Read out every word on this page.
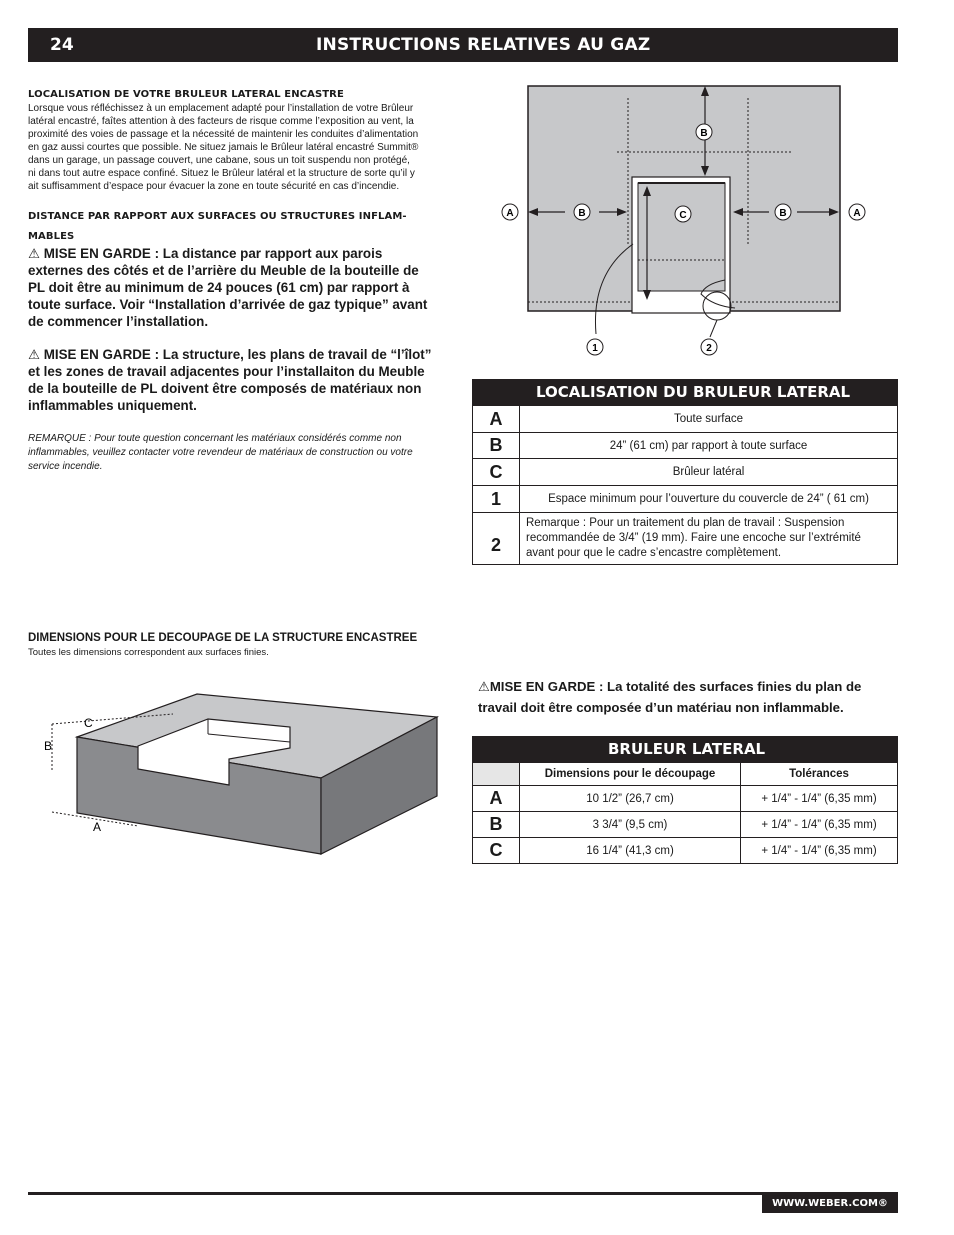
24	INSTRUCTIONS RELATIVES AU GAZ
LOCALISATION DE VOTRE BRULEUR LATERAL ENCASTRE
Lorsque vous réfléchissez à un emplacement adapté pour l’installation de votre Brûleur
latéral encastré, faîtes attention à des facteurs de risque comme l’exposition au vent, la
proximité des voies de passage et la nécessité de maintenir les conduites d’alimentation
en gaz aussi courtes que possible. Ne situez jamais le Brûleur latéral encastré Summit®
dans un garage, un passage couvert, une cabane, sous un toit suspendu non protégé,
ni dans tout autre espace confiné. Situez le Brûleur latéral et la structure de sorte qu’il y
ait suffisamment d’espace pour évacuer la zone en toute sécurité en cas d’incendie.
DISTANCE PAR RAPPORT AUX SURFACES OU STRUCTURES INFLAM-
MABLES
⚠ MISE EN GARDE : La distance par rapport aux parois
externes des côtés et de l’arrière du Meuble de la bouteille de
PL doit être au minimum de 24 pouces (61 cm) par rapport à
toute surface. Voir “Installation d’arrivée de gaz typique” avant
de commencer l’installation.
⚠ MISE EN GARDE : La structure, les plans de travail de “l’îlot”
et les zones de travail adjacentes pour l’installaiton du Meuble
de la bouteille de PL doivent être composés de matériaux non
inflammables uniquement.
REMARQUE : Pour toute question concernant les matériaux considérés comme non
inflammables, veuillez contacter votre revendeur de matériaux de construction ou votre
service incendie.
A	B
B
C	B	A
1	2
LOCALISATION DU BRULEUR LATERAL
A	Toute surface
B	24” (61 cm) par rapport à toute surface
C	Brûleur latéral
1	Espace minimum pour l’ouverture du couvercle de 24” ( 61 cm)
2	Remarque : Pour un traitement du plan de travail : Suspension
recommandée de 3/4” (19 mm). Faire une encoche sur l’extrémité
avant pour que le cadre s’encastre complètement.
DIMENSIONS POUR LE DECOUPAGE DE LA STRUCTURE ENCASTREE
Toutes les dimensions correspondent aux surfaces finies.
C
B
A
⚠MISE EN GARDE : La totalité des surfaces finies du plan de
travail doit être composée d’un matériau non inflammable.
BRULEUR LATERAL
	Dimensions pour le découpage	Tolérances
A	10 1/2” (26,7 cm)	+ 1/4” - 1/4” (6,35 mm)
B	3 3/4” (9,5 cm)	+ 1/4” - 1/4” (6,35 mm)
C	16 1/4” (41,3 cm)	+ 1/4” - 1/4” (6,35 mm)
WWW.WEBER.COM®
